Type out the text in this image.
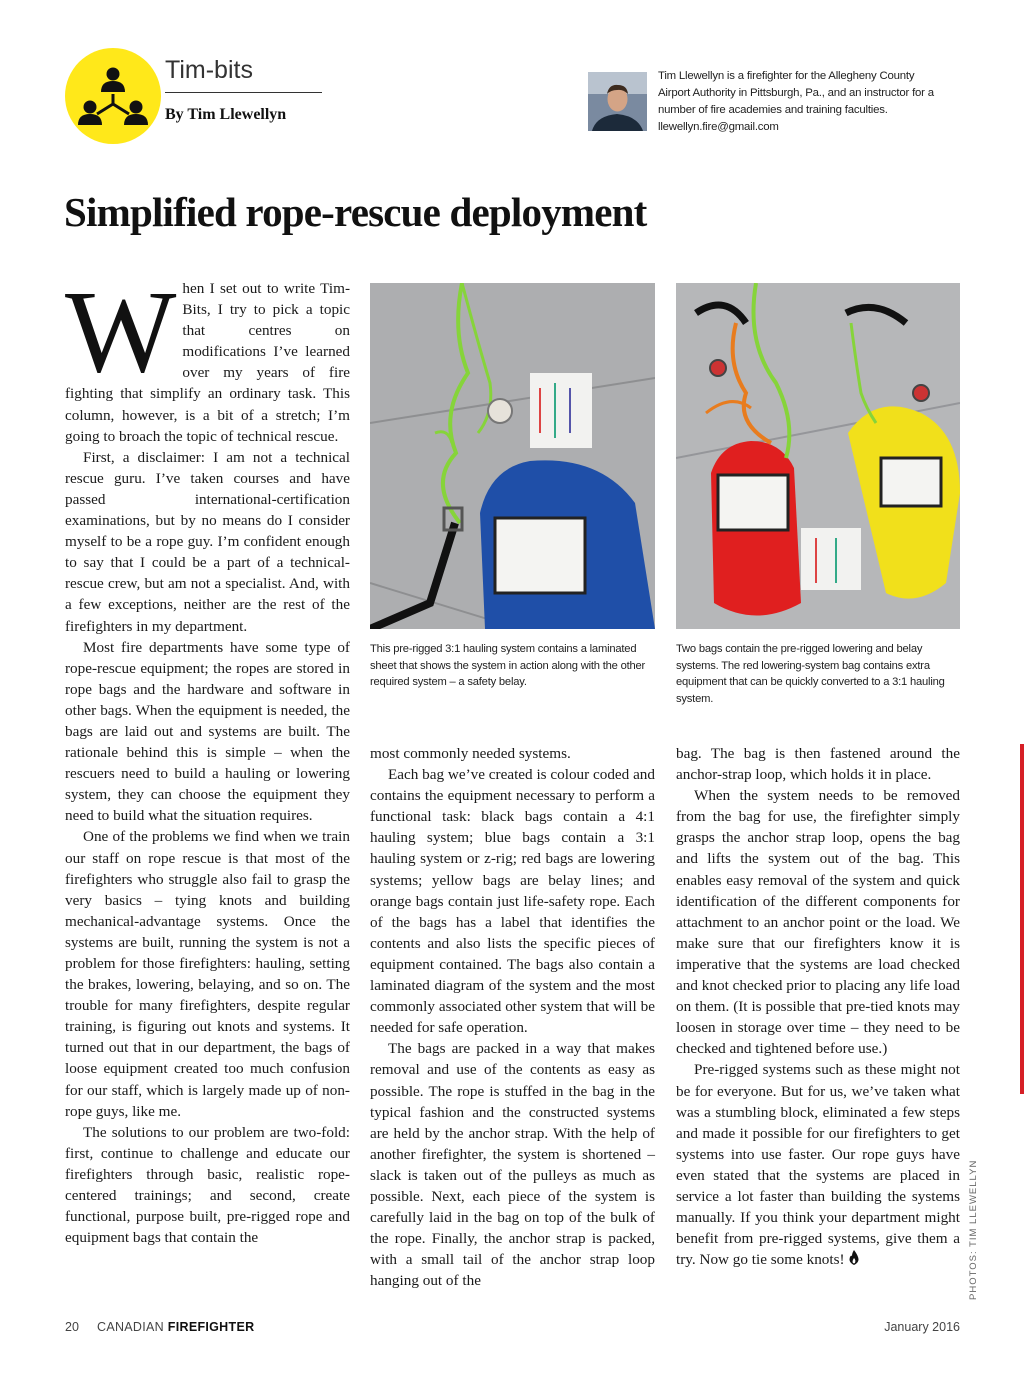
Tim-bits
By Tim Llewellyn
Tim Llewellyn is a firefighter for the Allegheny County
Airport Authority in Pittsburgh, Pa., and an instructor for a
number of fire academies and training faculties.
llewellyn.fire@gmail.com
Simplified rope-rescue deployment

When I set out to write Tim-Bits, I try to pick a topic that centres on modifications I’ve learned over my years of fire fighting that simplify an ordinary task. This column, however, is a bit of a stretch; I’m going to broach the topic of technical rescue.

First, a disclaimer: I am not a technical rescue guru. I’ve taken courses and have passed international-certification examinations, but by no means do I consider myself to be a rope guy. I’m confident enough to say that I could be a part of a technical-rescue crew, but am not a specialist. And, with a few exceptions, neither are the rest of the firefighters in my department.

Most fire departments have some type of rope-rescue equipment; the ropes are stored in rope bags and the hardware and software in other bags. When the equipment is needed, the bags are laid out and systems are built. The rationale behind this is simple – when the rescuers need to build a hauling or lowering system, they can choose the equipment they need to build what the situation requires.

One of the problems we find when we train our staff on rope rescue is that most of the firefighters who struggle also fail to grasp the very basics – tying knots and building mechanical-advantage systems. Once the systems are built, running the system is not a problem for those firefighters: hauling, setting the brakes, lowering, belaying, and so on. The trouble for many firefighters, despite regular training, is figuring out knots and systems. It turned out that in our department, the bags of loose equipment created too much confusion for our staff, which is largely made up of non-rope guys, like me.

The solutions to our problem are two-fold: first, continue to challenge and educate our firefighters through basic, realistic rope-centered trainings; and second, create functional, purpose built, pre-rigged rope and equipment bags that contain the

This pre-rigged 3:1 hauling system contains a laminated sheet that shows the system in action along with the other required system – a safety belay.
Two bags contain the pre-rigged lowering and belay systems. The red lowering-system bag contains extra equipment that can be quickly converted to a 3:1 hauling system.

most commonly needed systems.

Each bag we’ve created is colour coded and contains the equipment necessary to perform a functional task: black bags contain a 4:1 hauling system; blue bags contain a 3:1 hauling system or z-rig; red bags are lowering systems; yellow bags are belay lines; and orange bags contain just life-safety rope. Each of the bags has a label that identifies the contents and also lists the specific pieces of equipment contained. The bags also contain a laminated diagram of the system and the most commonly associated other system that will be needed for safe operation.

The bags are packed in a way that makes removal and use of the contents as easy as possible. The rope is stuffed in the bag in the typical fashion and the constructed systems are held by the anchor strap. With the help of another firefighter, the system is shortened – slack is taken out of the pulleys as much as possible. Next, each piece of the system is carefully laid in the bag on top of the bulk of the rope. Finally, the anchor strap is packed, with a small tail of the anchor strap loop hanging out of the

bag. The bag is then fastened around the anchor-strap loop, which holds it in place.

When the system needs to be removed from the bag for use, the firefighter simply grasps the anchor strap loop, opens the bag and lifts the system out of the bag. This enables easy removal of the system and quick identification of the different components for attachment to an anchor point or the load. We make sure that our firefighters know it is imperative that the systems are load checked and knot checked prior to placing any life load on them. (It is possible that pre-tied knots may loosen in storage over time – they need to be checked and tightened before use.)

Pre-rigged systems such as these might not be for everyone. But for us, we’ve taken what was a stumbling block, eliminated a few steps and made it possible for our firefighters to get systems into use faster. Our rope guys have even stated that the systems are placed in service a lot faster than building the systems manually. If you think your department might benefit from pre-rigged systems, give them a try. Now go tie some knots!	PHOTOS: TIM LLEWELLYN
20 CANADIAN FIREFIGHTER	January 2016
